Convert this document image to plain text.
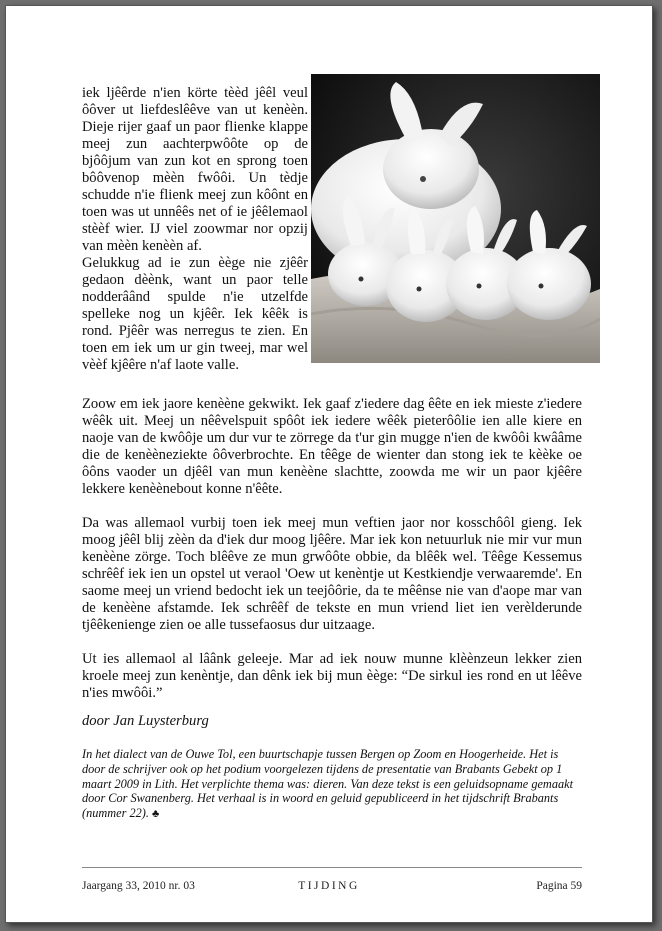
iek ljêêrde n'ien körte tèèd jêêl veul ôôver ut liefdeslêêve van ut kenèèn. Dieje rijer gaaf un paor flienke klappe meej zun aachterpwôôte op de bjôôjum van zun kot en sprong toen bôôvenop mèèn fwôôi. Un tèdje schudde n'ie flienk meej zun kôônt en toen was ut unnêês net of ie jêêlemaol stèèf wier. IJ viel zoowmar nor opzij van mèèn kenèèn af.

Gelukkug ad ie zun èège nie zjêêr gedaon dèènk, want un paor telle nodderâând spulde n'ie utzelfde spelleke nog un kjêêr. Iek kêêk is rond. Pjêêr was nerregus te zien. En toen em iek um ur gin tweej, mar wel vèèf kjêêre n'af laote valle.

Zoow em iek jaore kenèène gekwikt. Iek gaaf z'iedere dag êête en iek mieste z'iedere wêêk uit. Meej un nêêvelspuit spôôt iek iedere wêêk pieterôôlie ien alle kiere en naoje van de kwôôje um dur vur te zörrege da t'ur gin mugge n'ien de kwôôi kwââme die de kenèèneziekte ôôverbrochte. En têêge de wienter dan stong iek te kèèke oe ôôns vaoder un djêêl van mun kenèène slachtte, zoowda me wir un paor kjêêre lekkere kenèènebout konne n'êête.

Da was allemaol vurbij toen iek meej mun veftien jaor nor kosschôôl gieng. Iek moog jêêl blij zèèn da d'iek dur moog ljêêre. Mar iek kon netuurluk nie mir vur mun kenèène zörge. Toch blêêve ze mun grwôôte obbie, da blêêk wel. Têêge Kessemus schrêêf iek ien un opstel ut veraol 'Oew ut kenèntje ut Kestkiendje verwaaremde'. En saome meej un vriend bedocht iek un teejôôrie, da te mêênse nie van d'aope mar van de kenèène afstamde. Iek schrêêf de tekste en mun vriend liet ien verèlderunde tjêêkenienge zien oe alle tussefaosus dur uitzaage.

Ut ies allemaol al lâânk geleeje. Mar ad iek nouw munne klèènzeun lekker zien kroele meej zun kenèntje, dan dênk iek bij mun èège: “De sirkul ies rond en ut lêêve n'ies mwôôi.”

door Jan Luysterburg

In het dialect van de Ouwe Tol, een buurtschapje tussen Bergen op Zoom en Hoogerheide. Het is door de schrijver ook op het podium voorgelezen tijdens de presentatie van Brabants Gebekt op 1 maart 2009 in Lith. Het verplichte thema was: dieren. Van deze tekst is een geluidsopname gemaakt door Cor Swanenberg. Het verhaal is in woord en geluid gepubliceerd in het tijdschrift Brabants (nummer 22). ♣

Jaargang 33, 2010 nr. 03	TIJDING	Pagina 59
